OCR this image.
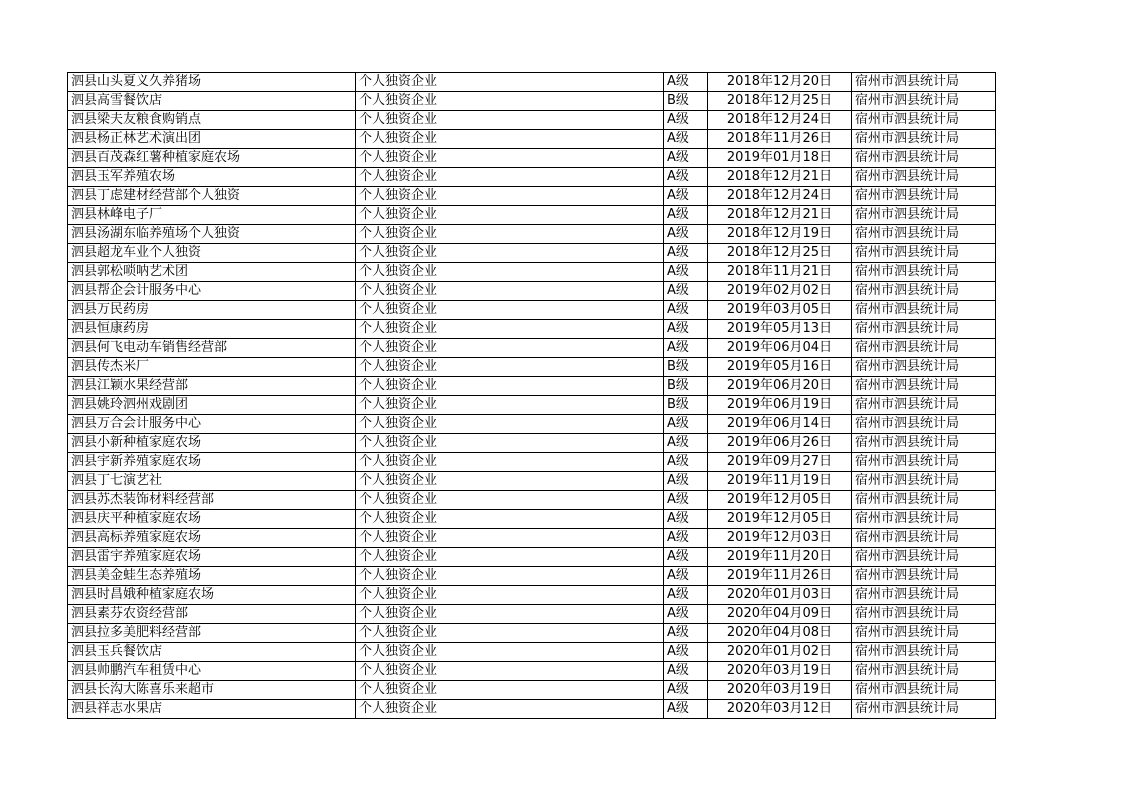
泗县山头夏义久养猪场	个人独资企业	A级	2018年12月20日	宿州市泗县统计局
泗县高雪餐饮店	个人独资企业	B级	2018年12月25日	宿州市泗县统计局
泗县梁夫友粮食购销点	个人独资企业	A级	2018年12月24日	宿州市泗县统计局
泗县杨正林艺术演出团	个人独资企业	A级	2018年11月26日	宿州市泗县统计局
泗县百茂森红薯种植家庭农场	个人独资企业	A级	2019年01月18日	宿州市泗县统计局
泗县玉军养殖农场	个人独资企业	A级	2018年12月21日	宿州市泗县统计局
泗县丁虑建材经营部个人独资	个人独资企业	A级	2018年12月24日	宿州市泗县统计局
泗县林峰电子厂	个人独资企业	A级	2018年12月21日	宿州市泗县统计局
泗县汤湖东临养殖场个人独资	个人独资企业	A级	2018年12月19日	宿州市泗县统计局
泗县超龙车业个人独资	个人独资企业	A级	2018年12月25日	宿州市泗县统计局
泗县郭松唢呐艺术团	个人独资企业	A级	2018年11月21日	宿州市泗县统计局
泗县帮企会计服务中心	个人独资企业	A级	2019年02月02日	宿州市泗县统计局
泗县万民药房	个人独资企业	A级	2019年03月05日	宿州市泗县统计局
泗县恒康药房	个人独资企业	A级	2019年05月13日	宿州市泗县统计局
泗县何飞电动车销售经营部	个人独资企业	A级	2019年06月04日	宿州市泗县统计局
泗县传杰米厂	个人独资企业	B级	2019年05月16日	宿州市泗县统计局
泗县江颖水果经营部	个人独资企业	B级	2019年06月20日	宿州市泗县统计局
泗县姚玲泗州戏剧团	个人独资企业	B级	2019年06月19日	宿州市泗县统计局
泗县万合会计服务中心	个人独资企业	A级	2019年06月14日	宿州市泗县统计局
泗县小新种植家庭农场	个人独资企业	A级	2019年06月26日	宿州市泗县统计局
泗县宇新养殖家庭农场	个人独资企业	A级	2019年09月27日	宿州市泗县统计局
泗县丁七演艺社	个人独资企业	A级	2019年11月19日	宿州市泗县统计局
泗县苏杰装饰材料经营部	个人独资企业	A级	2019年12月05日	宿州市泗县统计局
泗县庆平种植家庭农场	个人独资企业	A级	2019年12月05日	宿州市泗县统计局
泗县高标养殖家庭农场	个人独资企业	A级	2019年12月03日	宿州市泗县统计局
泗县雷宇养殖家庭农场	个人独资企业	A级	2019年11月20日	宿州市泗县统计局
泗县美金蛙生态养殖场	个人独资企业	A级	2019年11月26日	宿州市泗县统计局
泗县时昌娥种植家庭农场	个人独资企业	A级	2020年01月03日	宿州市泗县统计局
泗县素芬农资经营部	个人独资企业	A级	2020年04月09日	宿州市泗县统计局
泗县拉多美肥料经营部	个人独资企业	A级	2020年04月08日	宿州市泗县统计局
泗县玉兵餐饮店	个人独资企业	A级	2020年01月02日	宿州市泗县统计局
泗县帅鹏汽车租赁中心	个人独资企业	A级	2020年03月19日	宿州市泗县统计局
泗县长沟大陈喜乐来超市	个人独资企业	A级	2020年03月19日	宿州市泗县统计局
泗县祥志水果店	个人独资企业	A级	2020年03月12日	宿州市泗县统计局
